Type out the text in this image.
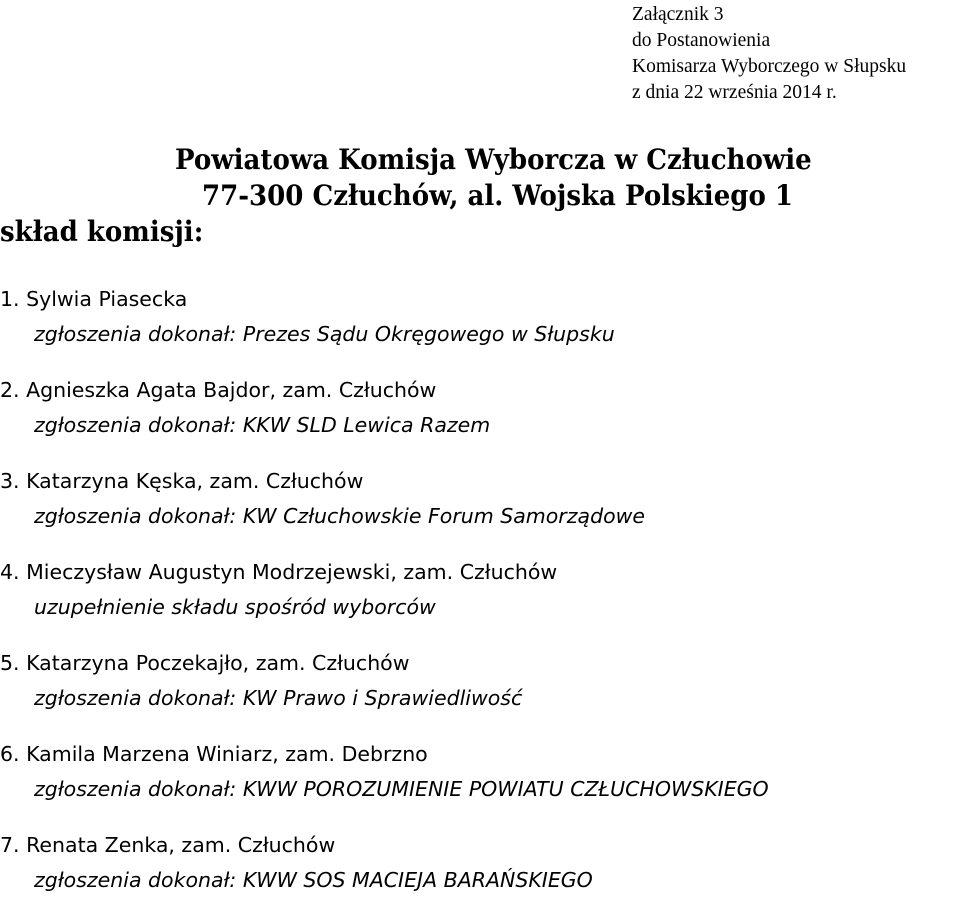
Załącznik 3
do Postanowienia
Komisarza Wyborczego w Słupsku
z dnia 22 września 2014 r.
Powiatowa Komisja Wyborcza w Człuchowie
77-300 Człuchów, al. Wojska Polskiego 1
skład komisji:
1. Sylwia Piasecka
zgłoszenia dokonał: Prezes Sądu Okręgowego w Słupsku
2. Agnieszka Agata Bajdor, zam. Człuchów
zgłoszenia dokonał: KKW SLD Lewica Razem
3. Katarzyna Kęska, zam. Człuchów
zgłoszenia dokonał: KW Człuchowskie Forum Samorządowe
4. Mieczysław Augustyn Modrzejewski, zam. Człuchów
uzupełnienie składu spośród wyborców
5. Katarzyna Poczekajło, zam. Człuchów
zgłoszenia dokonał: KW Prawo i Sprawiedliwość
6. Kamila Marzena Winiarz, zam. Debrzno
zgłoszenia dokonał: KWW POROZUMIENIE POWIATU CZŁUCHOWSKIEGO
7. Renata Zenka, zam. Człuchów
zgłoszenia dokonał: KWW SOS MACIEJA BARAŃSKIEGO
